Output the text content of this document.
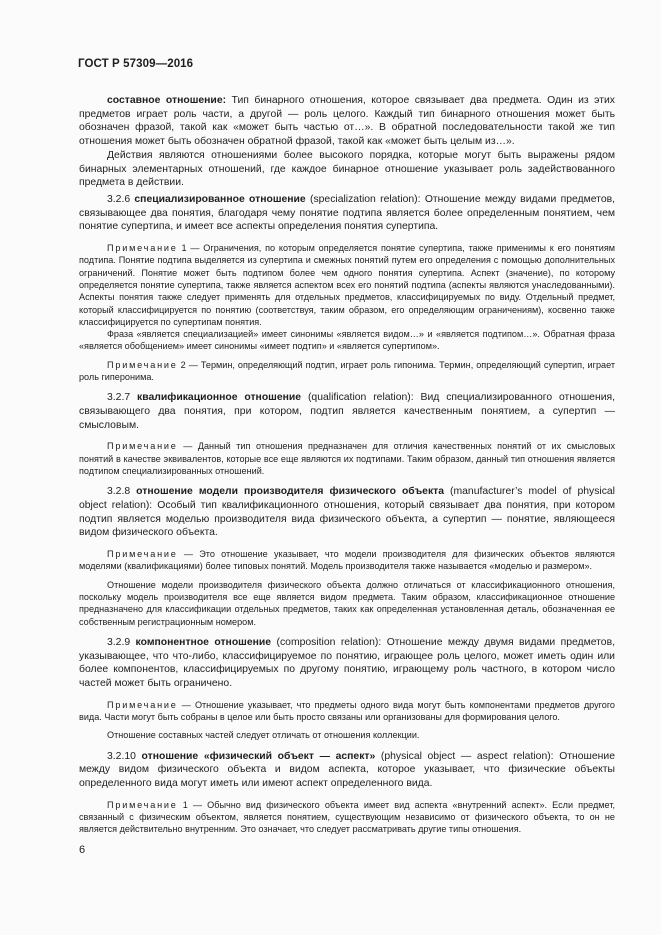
ГОСТ Р 57309—2016

составное отношение: Тип бинарного отношения, которое связывает два предмета. Один из этих предметов играет роль части, а другой — роль целого. Каждый тип бинарного отношения может быть обозначен фразой, такой как «может быть частью от…». В обратной последовательности такой же тип отношения может быть обозначен обратной фразой, такой как «может быть целым из…».

Действия являются отношениями более высокого порядка, которые могут быть выражены рядом бинарных элементарных отношений, где каждое бинарное отношение указывает роль задействованного предмета в действии.

3.2.6 специализированное отношение (specialization relation): Отношение между видами предметов, связывающее два понятия, благодаря чему понятие подтипа является более определенным понятием, чем понятие супертипа, и имеет все аспекты определения понятия супертипа.

Примечание 1 — Ограничения, по которым определяется понятие супертипа, также применимы к его понятиям подтипа. Понятие подтипа выделяется из супертипа и смежных понятий путем его определения с помощью дополнительных ограничений. Понятие может быть подтипом более чем одного понятия супертипа. Аспект (значение), по которому определяется понятие супертипа, также является аспектом всех его понятий подтипа (аспекты являются унаследованными). Аспекты понятия также следует применять для отдельных предметов, классифицируемых по виду. Отдельный предмет, который классифицируется по понятию (соответствуя, таким образом, его определяющим ограничениям), косвенно также классифицируется по супертипам понятия.

Фраза «является специализацией» имеет синонимы «является видом…» и «является подтипом…». Обратная фраза «является обобщением» имеет синонимы «имеет подтип» и «является супертипом».

Примечание 2 — Термин, определяющий подтип, играет роль гипонима. Термин, определяющий супертип, играет роль гиперонима.

3.2.7 квалификационное отношение (qualification relation): Вид специализированного отношения, связывающего два понятия, при котором, подтип является качественным понятием, а супертип — смысловым.

Примечание — Данный тип отношения предназначен для отличия качественных понятий от их смысловых понятий в качестве эквивалентов, которые все еще являются их подтипами. Таким образом, данный тип отношения является подтипом специализированных отношений.

3.2.8 отношение модели производителя физического объекта (manufacturer’s model of physical object relation): Особый тип квалификационного отношения, который связывает два понятия, при котором подтип является моделью производителя вида физического объекта, а супертип — понятие, являющееся видом физического объекта.

Примечание — Это отношение указывает, что модели производителя для физических объектов являются моделями (квалификациями) более типовых понятий. Модель производителя также называется «моделью и размером».

Отношение модели производителя физического объекта должно отличаться от классификационного отношения, поскольку модель производителя все еще является видом предмета. Таким образом, классификационное отношение предназначено для классификации отдельных предметов, таких как определенная установленная деталь, обозначенная ее собственным регистрационным номером.

3.2.9 компонентное отношение (composition relation): Отношение между двумя видами предметов, указывающее, что что-либо, классифицируемое по понятию, играющее роль целого, может иметь один или более компонентов, классифицируемых по другому понятию, играющему роль частного, в котором число частей может быть ограничено.

Примечание — Отношение указывает, что предметы одного вида могут быть компонентами предметов другого вида. Части могут быть собраны в целое или быть просто связаны или организованы для формирования целого.

Отношение составных частей следует отличать от отношения коллекции.

3.2.10 отношение «физический объект — аспект» (physical object — aspect relation): Отношение между видом физического объекта и видом аспекта, которое указывает, что физические объекты определенного вида могут иметь или имеют аспект определенного вида.

Примечание 1 — Обычно вид физического объекта имеет вид аспекта «внутренний аспект». Если предмет, связанный с физическим объектом, является понятием, существующим независимо от физического объекта, то он не является действительно внутренним. Это означает, что следует рассматривать другие типы отношения.

6
